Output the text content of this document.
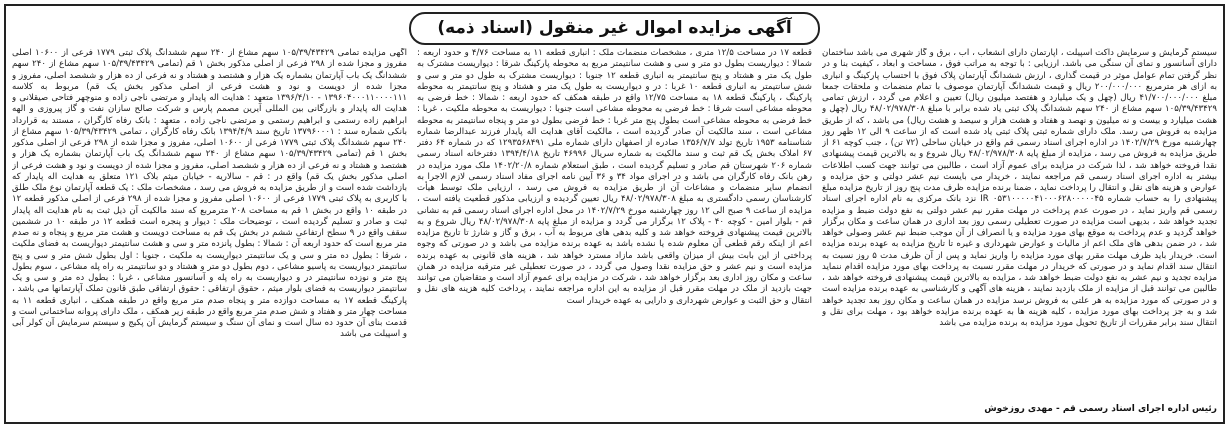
آگهی مزایده اموال غیر منقول (اسناد ذمه)

آگهی مزایده تمامی ۱۰۵/۳۹/۴۳۴۲۹ سهم مشاع از ۲۴۰ سهم ششدانگ پلاک ثبتی ۱۷۷۹ فرعی از ۱۰۶۰۰ اصلی مفروز و مجزا شده از ۲۹۸ فرعی از اصلی مذکور بخش ۱ قم (تمامی ۱۰۵/۳۹/۴۳۴۲۹ سهم مشاع از ۲۴۰ سهم ششدانگ یک باب آپارتمان بشماره یک هزار و هشتصد و هشتاد و نه فرعی از ده هزار و ششصد اصلی، مفروز و مجزا شده از دویست و نود و هشت فرعی از اصلی مذکور بخش یک قم) مربوط به کلاسه ۱۳۹۶۰۴۰۰۰۱۱۰۰۰۰۱۱۱ - ۱۳۹۶/۴/۱۰ متعهد : هدایت اله پایدار و مرتضی ناجی زاده و منوچهر فتاحی صیقلانی و هدایت اله پایدار و بازرگانی بین المللی آیرین مصمم پارس و شرکت صالح سازان نفت و گاز پیروزی و الهه ابراهیم زاده رستمی و ابراهیم رستمی و مرتضی ناجی زاده ، متعهد : بانک رفاه کارگران ، مستند به قرارداد بانکی شماره سند : ۱۳۷۹۶۰۰۰۱ تاریخ سند ۱۳۹۴/۴/۹ بانک رفاه کارگران ، تمامی ۱۰۵/۳۹/۴۳۴۲۹ سهم مشاع از ۲۴۰ سهم ششدانگ پلاک ثبتی ۱۷۷۹ فرعی از ۱۰۶۰۰ اصلی، مفروز و مجزا شده از ۲۹۸ فرعی از اصلی مذکور بخش ۱ قم (تمامی ۱۰۵/۳۹/۴۳۴۲۹ سهم مشاع از ۲۴۰ سهم ششدانگ یک باب آپارتمان بشماره یک هزار و هشتصد و هشتاد و نه فرعی از ده هزار و ششصد اصلی، مفروز و مجزا شده از دویست و نود و هشت فرعی از اصلی مذکور بخش یک قم) واقع در : قم - سالاریه - خیابان میثم بلاک ۱۲۱ متعلق به هدایت اله پایدار که بازداشت شده است و از طریق مزایده به فروش می رسد ، مشخصات ملک : یک قطعه آپارتمان نوع ملک طلق با کاربری به پلاک ثبتی ۱۷۷۹ فرعی از ۱۰۶۰۰ اصلی مفروز و مجزا شده از ۲۹۸ فرعی از اصلی مذکور قطعه ۱۲ در طبقه ۱۰ واقع در بخش ۱ قم به مساحت ۲۰۸ مترمربع که سند مالکیت آن ذیل ثبت به نام هدایت اله پایدار ثبت و صادر و تسلیم گردیده است ، توضیحات ملک : دیوار و پنجره است قطعه ۱۲ در طبقه ۱۰ در ششمین سقف واقع در ۹ سطح ارتفاعی ششم در بخش یک قم به مساحت دویست و هشت متر مربع و پنجاه و نه صدم متر مربع است که حدود اربعه آن : شمالا : بطول پانزده متر و سی و هشت سانتیمتر دیواریست به فضای ملکیت ، شرقا : بطول ده متر و سی و یک سانتیمتر دیواریست به ملکیت ، جنوبا : اول بطول شش متر و سی و پنج سانتیمتر دیواریست به پاسیو مشاعی ، دوم بطول دو متر و هشتاد و دو سانتیمتر به راه پله مشاعی ، سوم بطول پنج متر و نوزده سانتیمتر در و دیواریست به راه پله و آسانسور مشاعی ، غربا : بطول ده متر و سی و یک سانتیمتر دیواریست به فضای بلوار میثم ، حقوق ارتفاقی : حقوق ارتفاقی طبق قانون تملک آپارتمانها می باشد ، پارکینگ قطعه ۱۷ به مساحت دوازده متر و پنجاه صدم متر مربع واقع در طبقه همکف ، انباری قطعه ۱۱ به مساحت چهار متر و هفتاد و شش صدم متر مربع واقع در طبقه زیر همکف ، ملک دارای پروانه ساختمانی است و قدمت بنای آن حدود ده سال است و نمای آن سنگ و سیستم گرمایش آن پکیج و سیستم سرمایش آن کولر آبی و اسپیلت می باشد

قطعه ۱۷ در مساحت ۱۲/۵ متری ، مشخصات منضمات ملک : انباری قطعه ۱۱ به مساحت ۴/۷۶ و حدود اربعه : شمالا : دیواریست بطول دو متر و سی و هشت سانتیمتر مربع به محوطه پارکینگ شرقا : دیواریست مشترک به طول یک متر و هشتاد و پنج سانتیمتر به انباری قطعه ۱۲ جنوبا : دیواریست مشترک به طول دو متر و سی و شش سانتیمتر به انباری قطعه ۱۰ غربا : در و دیواریست به طول یک متر و هشتاد و پنج سانتیمتر به محوطه پارکینگ ، پارکینگ قطعه ۱۸ به مساحت ۱۲/۷۵ واقع در طبقه همکف که حدود اربعه : شمالا : خط فرضی به محوطه مشاعی است شرقا : خط فرضی به محوطه مشاعی است جنوبا : دیواریست به محوطه ملکیت ، غربا : خط فرضی به محوطه مشاعی است بطول پنج متر غربا : خط فرضی بطول دو متر و پنجاه سانتیمتر به محوطه مشاعی است ، سند مالکیت آن صادر گردیده است ، مالکیت آقای هدایت اله پایدار فرزند عبدالرضا شماره شناسنامه ۱۹۵۳ تاریخ تولد ۱۳۵۶/۷/۷ صادره از اصفهان دارای شماره ملی ۱۲۹۳۵۶۸۴۹۱ که در شماره ۶۴ دفتر ۶۷ املاک بخش یک قم ثبت و سند مالکیت به شماره سریال ۴۶۹۹۶ تاریخ ۱۳۹۴/۴/۱۸ دفترخانه اسناد رسمی شماره ۲۰۶ شهرستان قم صادر و تسلیم گردیده است ، طبق استعلام شماره ۱۴۰۲/۲۰/۸ ملک مورد مزایده در رهن بانک رفاه کارگران می باشد و در اجرای مواد ۳۴ و ۳۶ آیین نامه اجرای مفاد اسناد رسمی لازم الاجرا به انضمام سایر منضمات و مشاعات آن از طریق مزایده به فروش می رسد ، ارزیابی ملک توسط هیأت کارشناسان رسمی دادگستری به مبلغ ۴۸/۰۲/۹۷۸/۳۰۸ ریال تعیین گردیده و ارزیابی مذکور قطعیت یافته است ، مزایده از ساعت ۹ صبح الی ۱۲ روز چهارشنبه مورخ ۱۴۰۲/۷/۲۹ در محل اداره اجرای اسناد رسمی قم به نشانی قم - بلوار امین - کوچه ۴۰ - پلاک ۱۲ برگزار می گردد و مزایده از مبلغ پایه ۴۸/۰۲/۹۷۸/۳۰۸ ریال شروع و به بالاترین قیمت پیشنهادی فروخته خواهد شد و کلیه بدهی های مربوط به آب ، برق و گاز و شارژ تا تاریخ مزایده اعم از اینکه رقم قطعی آن معلوم شده یا نشده باشد به عهده برنده مزایده می باشد و در صورتی که وجوه پرداختی از این بابت بیش از میزان واقعی باشد مازاد مسترد خواهد شد ، هزینه های قانونی به عهده برنده مزایده است و نیم عشر و حق مزایده نقدا وصول می گردد ، در صورت تعطیلی غیر مترقبه مزایده در همان ساعت و مکان روز اداری بعد برگزار خواهد شد ، شرکت در مزایده برای عموم آزاد است و متقاضیان می توانند جهت بازدید از ملک در مهلت مقرر قبل از مزایده به این اداره مراجعه نمایند ، پرداخت کلیه هزینه های نقل و انتقال و حق الثبت و عوارض شهرداری و دارایی به عهده خریدار است

سیستم گرمایش و سرمایش داکت اسپیلت ، آپارتمان دارای انشعاب ، آب ، برق و گاز شهری می باشد ساختمان دارای آسانسور و نمای آن سنگی می باشد. ارزیابی : با توجه به مراتب فوق ، مساحت و ابعاد ، کیفیت بنا و در نظر گرفتن تمام عوامل موثر در قیمت گذاری ، ارزش ششدانگ آپارتمان پلاک فوق با احتساب پارکینگ و انباری به ازای هر مترمربع ۲۰۰/۰۰۰/۰۰۰ ریال و قیمت ششدانگ آپارتمان موصوف با تمام منضمات و ملحقات جمعا مبلغ ۴۱/۷۰۰/۰۰۰/۰۰۰ ریال (چهل و یک میلیارد و هفتصد میلیون ریال) تعیین و اعلام می گردد ، ارزش تمامی ۱۰۵/۳۹/۴۳۴۲۹ سهم مشاع از ۲۴۰ سهم ششدانگ پلاک ثبتی یاد شده برابر با مبلغ ۴۸/۰۲/۹۷۸/۳۰۸ ریال (چهل و هشت میلیارد و بیست و نه میلیون و نهصد و هفتاد و هشت هزار و سیصد و هشت ریال) می باشد ، که از طریق مزایده به فروش می رسد. ملک دارای شماره ثبتی پلاک ثبتی یاد شده است که از ساعت ۹ الی ۱۲ ظهر روز چهارشنبه مورخ ۱۴۰۲/۷/۲۹ در اداره اجرای اسناد رسمی قم واقع در خیابان ساحلی (۷۲ تن) ، جنب کوچه ۶۱ از طریق مزایده به فروش می رسد ، مزایده از مبلغ پایه ۴۸/۰۲/۹۷۸/۳۰۸ ریال شروع و به بالاترین قیمت پیشنهادی نقدا فروخته خواهد شد ، لذا شرکت در مزایده برای عموم آزاد است ، طالبین می توانند جهت کسب اطلاعات بیشتر به اداره اجرای اسناد رسمی قم مراجعه نمایند ، خریدار می بایست نیم عشر دولتی و حق مزایده و عوارض و هزینه های نقل و انتقال را پرداخت نماید ، ضمنا برنده مزایده ظرف مدت پنج روز از تاریخ مزایده مبلغ پیشنهادی را به حساب شماره IR ۰۵۳۱۰۰۰۰۰۴۱۰۰۰۶۲۸۰۰۰۰۰۴۵ نزد بانک مرکزی به نام اداره اجرای اسناد رسمی قم واریز نماید ، در صورت عدم پرداخت در مهلت مقرر نیم عشر دولتی به نفع دولت ضبط و مزایده تجدید خواهد شد ، بدیهی است مزایده در صورت تعطیلی رسمی روز بعد اداری در همان ساعت و مکان برگزار خواهد گردید و عدم پرداخت به موقع بهای مورد مزایده و یا انصراف از آن موجب ضبط نیم عشر وصولی خواهد شد ، در ضمن بدهی های ملک اعم از مالیات و عوارض شهرداری و غیره تا تاریخ مزایده به عهده برنده مزایده است. خریدار باید ظرف مهلت مقرر بهای مورد مزایده را واریز نماید و پس از آن ظرف مدت ۵ روز نسبت به انتقال سند اقدام نماید و در صورتی که خریدار در مهلت مقرر نسبت به پرداخت بهای مورد مزایده اقدام ننماید مزایده تجدید و نیم عشر به نفع دولت ضبط خواهد شد ، مزایده به بالاترین قیمت پیشنهادی فروخته خواهد شد ، طالبین می توانند قبل از مزایده از ملک بازدید نمایند ، هزینه های آگهی و کارشناسی به عهده برنده مزایده است و در صورتی که مورد مزایده به هر علتی به فروش نرسد مزایده در همان ساعت و مکان روز بعد تجدید خواهد شد و به جز پرداخت بهای مورد مزایده ، کلیه هزینه ها به عهده برنده مزایده خواهد بود ، مهلت برای نقل و انتقال سند برابر مقررات از تاریخ تحویل مورد مزایده به برنده مزایده می باشد

رئیس اداره اجرای اسناد رسمی قم - مهدی روزخوش
